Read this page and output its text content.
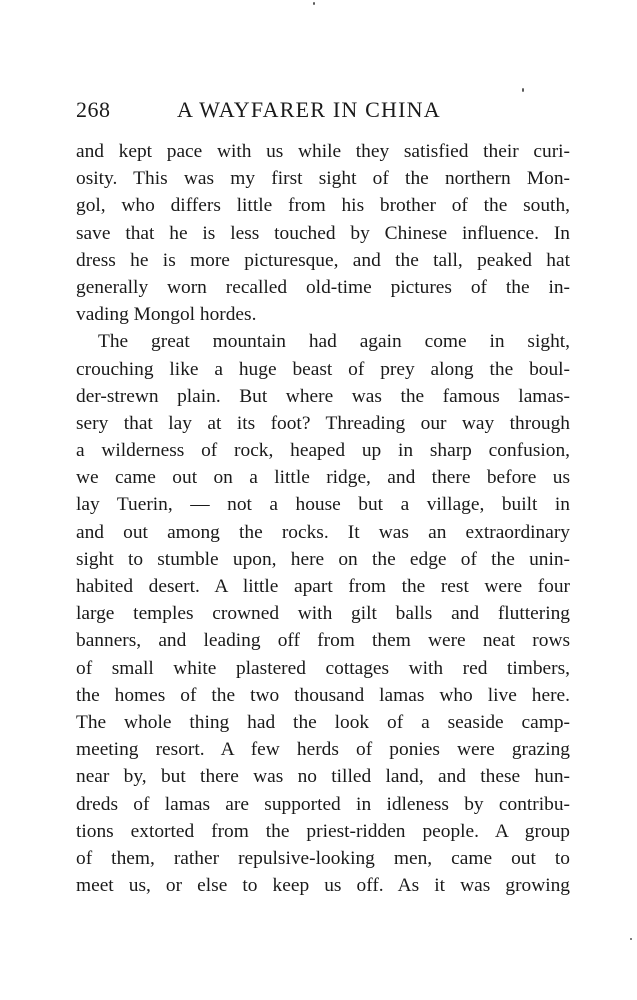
268	A WAYFARER IN CHINA
and kept pace with us while they satisfied their curi-
osity. This was my first sight of the northern Mon-
gol, who differs little from his brother of the south,
save that he is less touched by Chinese influence. In
dress he is more picturesque, and the tall, peaked hat
generally worn recalled old-time pictures of the in-
vading Mongol hordes.
The great mountain had again come in sight,
crouching like a huge beast of prey along the boul-
der-strewn plain. But where was the famous lamas-
sery that lay at its foot? Threading our way through
a wilderness of rock, heaped up in sharp confusion,
we came out on a little ridge, and there before us
lay Tuerin, — not a house but a village, built in
and out among the rocks. It was an extraordinary
sight to stumble upon, here on the edge of the unin-
habited desert. A little apart from the rest were four
large temples crowned with gilt balls and fluttering
banners, and leading off from them were neat rows
of small white plastered cottages with red timbers,
the homes of the two thousand lamas who live here.
The whole thing had the look of a seaside camp-
meeting resort. A few herds of ponies were grazing
near by, but there was no tilled land, and these hun-
dreds of lamas are supported in idleness by contribu-
tions extorted from the priest-ridden people. A group
of them, rather repulsive-looking men, came out to
meet us, or else to keep us off. As it was growing
